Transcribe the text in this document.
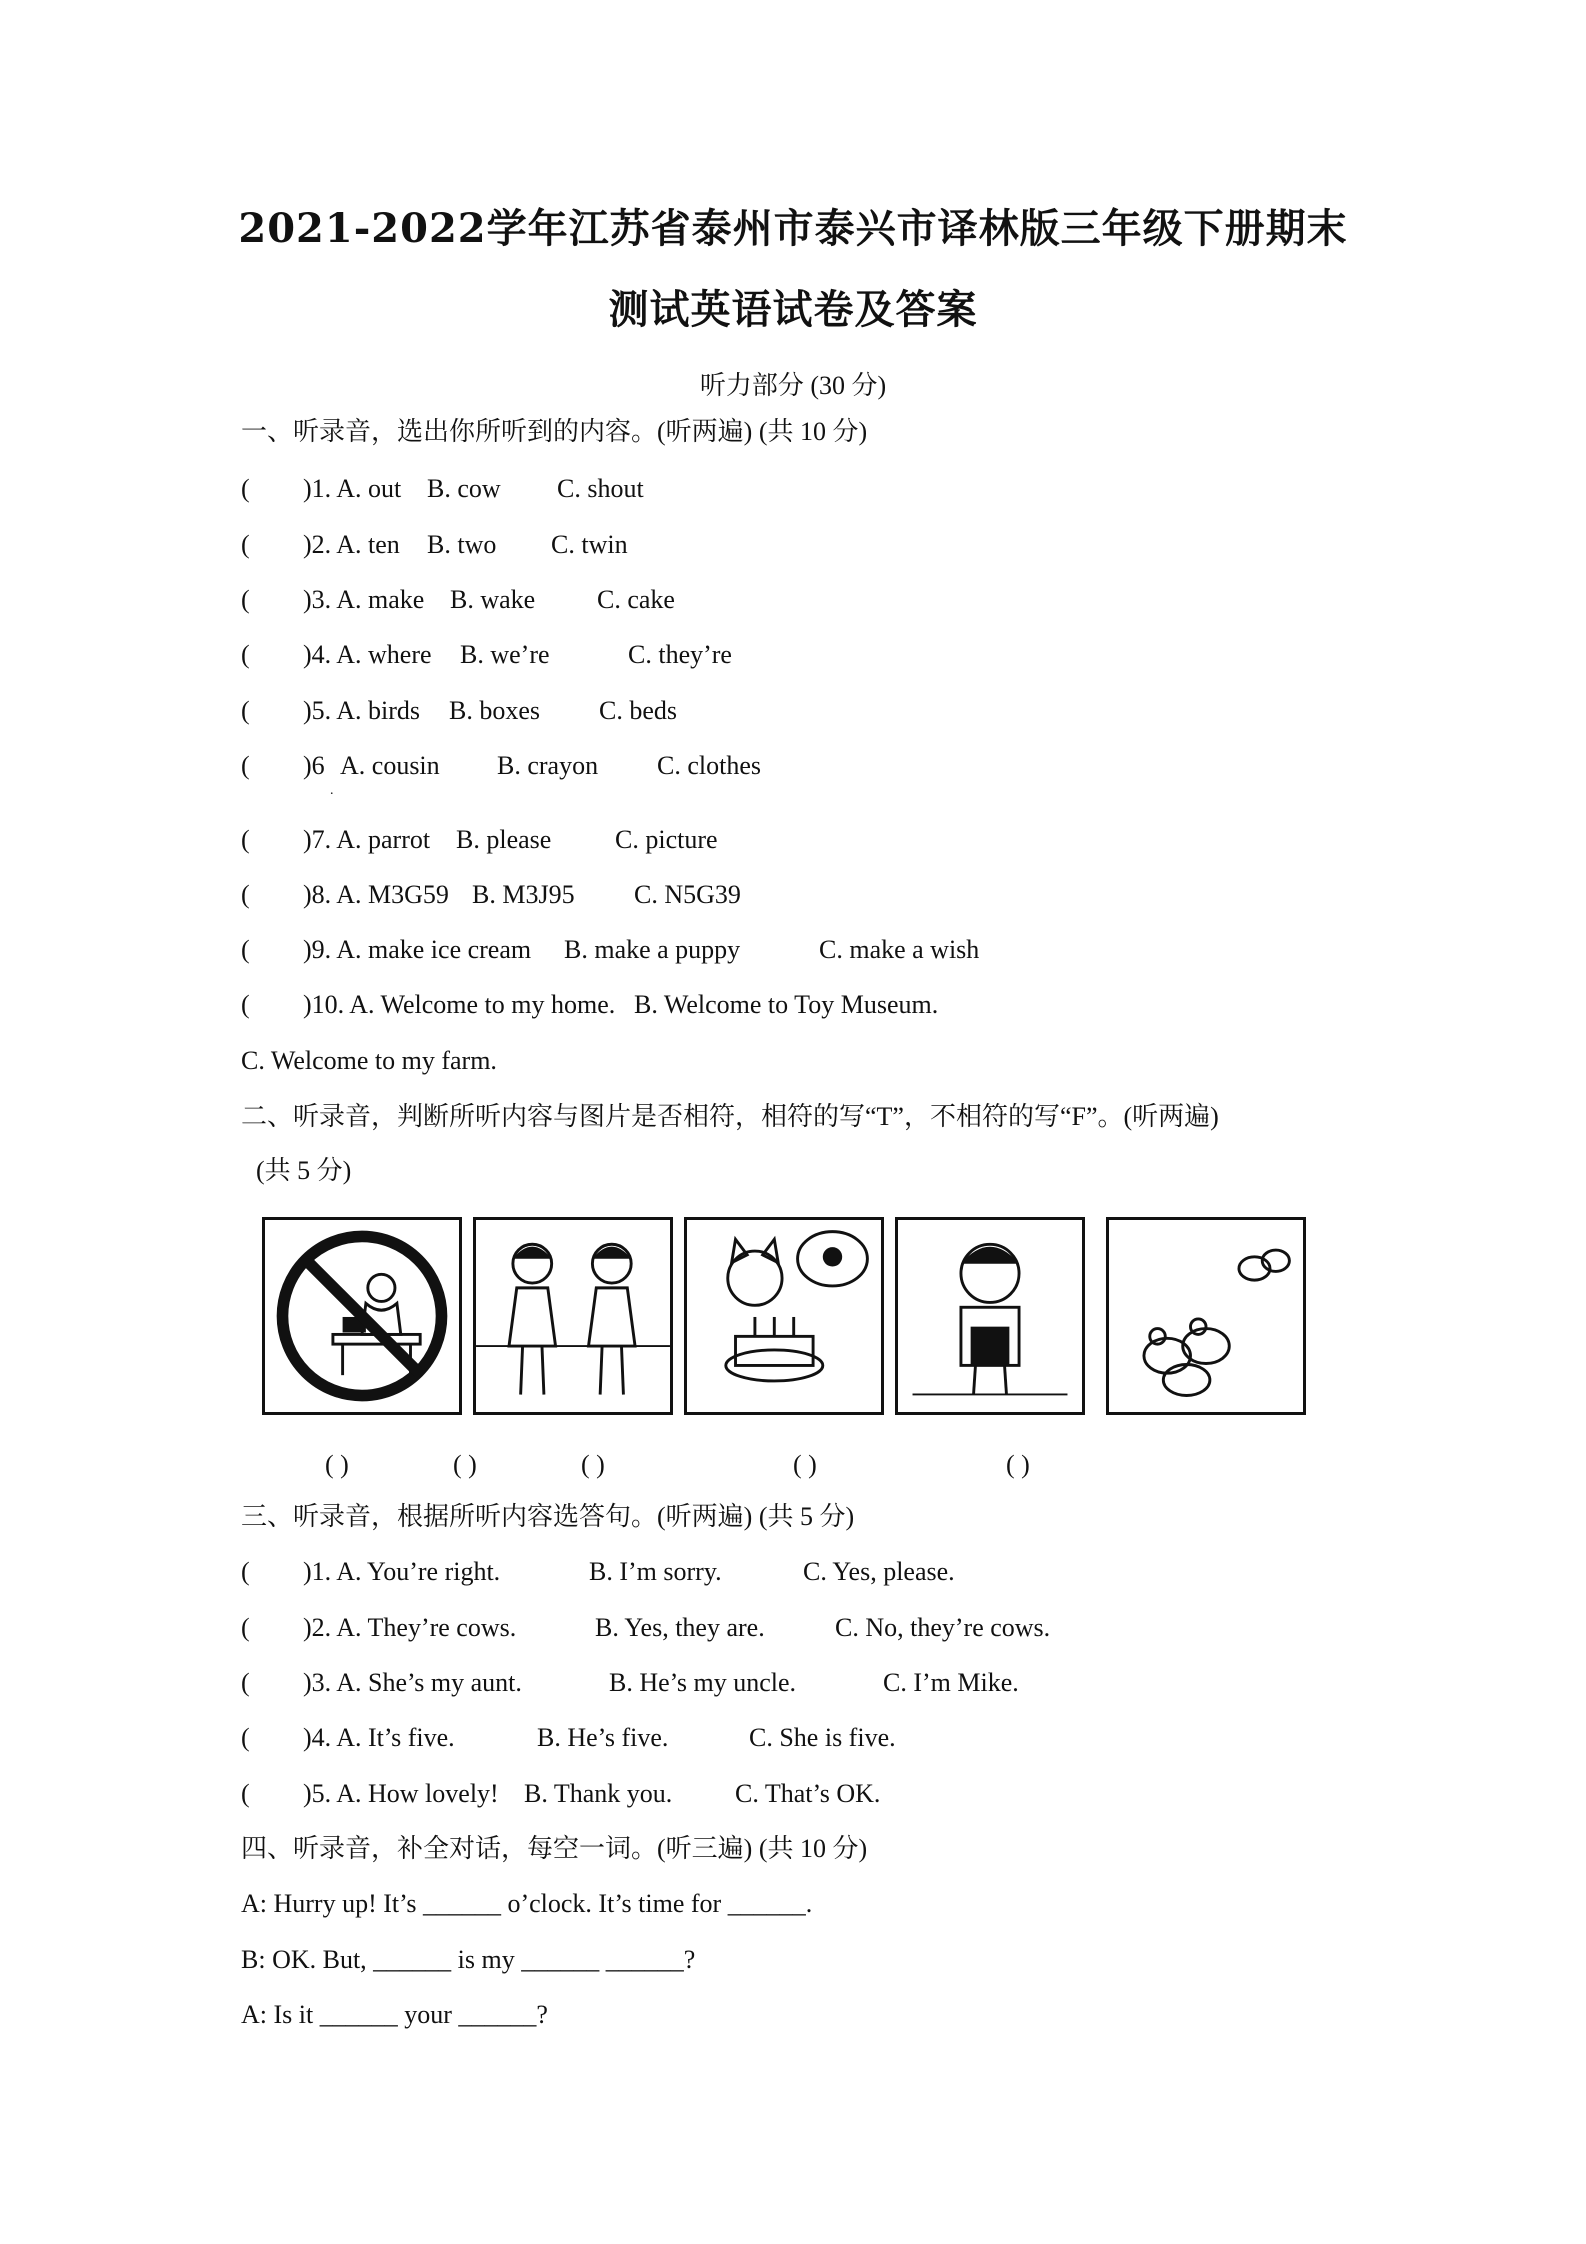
2021-2022学年江苏省泰州市泰兴市译林版三年级下册期末
测试英语试卷及答案
听力部分 (30 分)
一、听录音，选出你所听到的内容。(听两遍) (共 10 分)
( )1. A. out B. cow C. shout
( )2. A. ten B. two C. twin
( )3. A. make B. wake C. cake
( )4. A. where B. we’re	C. they’re
( )5. A. birds B. boxes C. beds
( )6 A. cousin B. crayon C. clothes
.
( )7. A. parrot B. please C. picture
( )8. A. M3G59 B. M3J95 C. N5G39
( )9. A. make ice cream B. make a puppy	C. make a wish
( )10. A. Welcome to my home. B. Welcome to Toy Museum.
C. Welcome to my farm.
二、听录音，判断所听内容与图片是否相符，相符的写“T”，不相符的写“F”。(听两遍)
(共 5 分)
( )	( )	( )	( )	( )
三、听录音，根据所听内容选答句。(听两遍) (共 5 分)
( )1. A. You’re right.	B. I’m sorry.	C. Yes, please.
( )2. A. They’re cows.	B. Yes, they are.	C. No, they’re cows.
( )3. A. She’s my aunt.	B. He’s my uncle.	C. I’m Mike.
( )4. A. It’s five.	B. He’s five.	C. She is five.
( )5. A. How lovely! B. Thank you. C. That’s OK.
四、听录音，补全对话，每空一词。(听三遍) (共 10 分)
A: Hurry up! It’s ______ o’clock. It’s time for ______.
B: OK. But, ______ is my ______ ______?
A: Is it ______ your ______?
